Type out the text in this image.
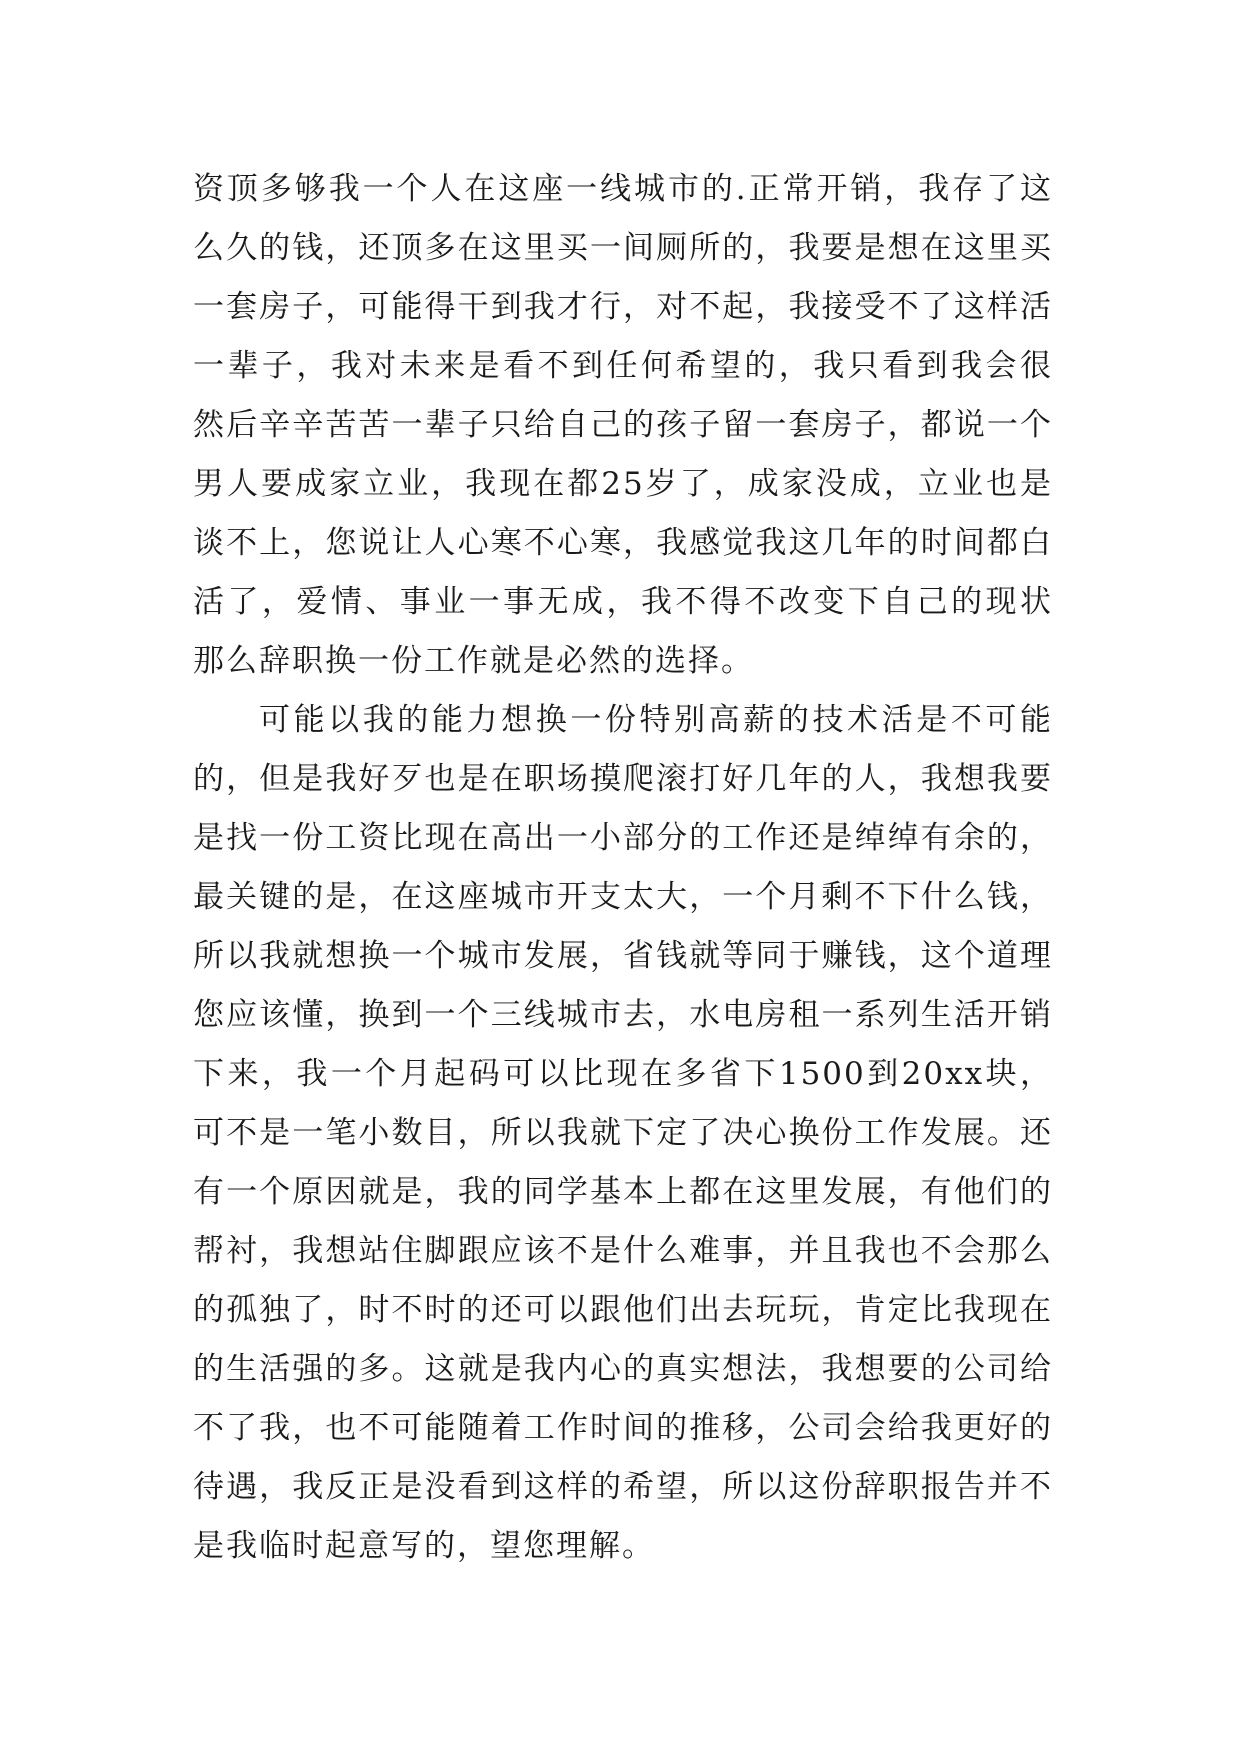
资顶多够我一个人在这座一线城市的.正常开销，我存了这
么久的钱，还顶多在这里买一间厕所的，我要是想在这里买
一套房子，可能得干到我才行，对不起，我接受不了这样活
一辈子，我对未来是看不到任何希望的，我只看到我会很
然后辛辛苦苦一辈子只给自己的孩子留一套房子，都说一个
男人要成家立业，我现在都25岁了，成家没成，立业也是
谈不上，您说让人心寒不心寒，我感觉我这几年的时间都白
活了，爱情、事业一事无成，我不得不改变下自己的现状
那么辞职换一份工作就是必然的选择。
可能以我的能力想换一份特别高薪的技术活是不可能
的，但是我好歹也是在职场摸爬滚打好几年的人，我想我要
是找一份工资比现在高出一小部分的工作还是绰绰有余的，
最关键的是，在这座城市开支太大，一个月剩不下什么钱，
所以我就想换一个城市发展，省钱就等同于赚钱，这个道理
您应该懂，换到一个三线城市去，水电房租一系列生活开销
下来，我一个月起码可以比现在多省下1500到20xx块，
可不是一笔小数目，所以我就下定了决心换份工作发展。还
有一个原因就是，我的同学基本上都在这里发展，有他们的
帮衬，我想站住脚跟应该不是什么难事，并且我也不会那么
的孤独了，时不时的还可以跟他们出去玩玩，肯定比我现在
的生活强的多。这就是我内心的真实想法，我想要的公司给
不了我，也不可能随着工作时间的推移，公司会给我更好的
待遇，我反正是没看到这样的希望，所以这份辞职报告并不
是我临时起意写的，望您理解。
